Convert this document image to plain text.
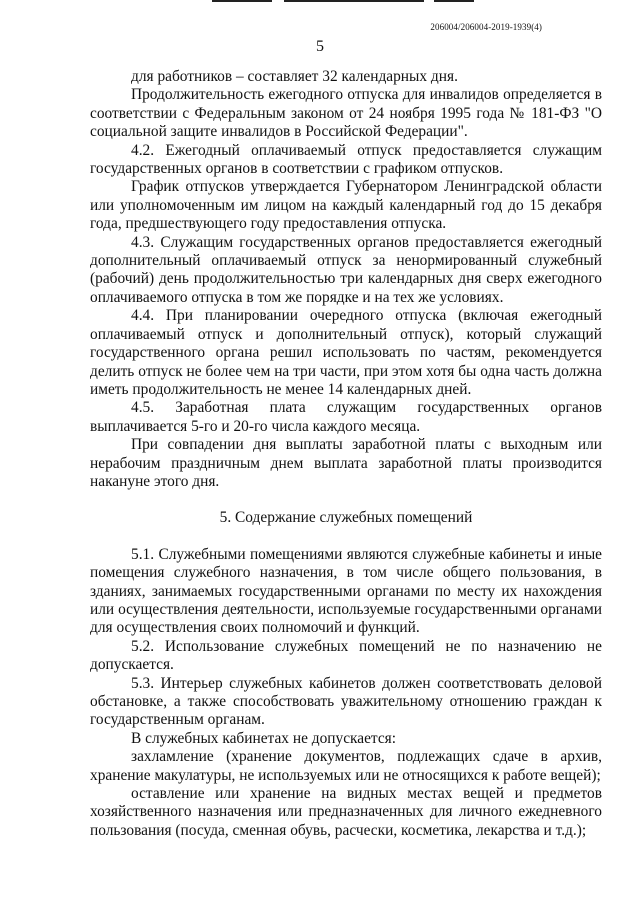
206004/206004-2019-1939(4)
5

для работников – составляет 32 календарных дня.

Продолжительность ежегодного отпуска для инвалидов определяется в соответствии с Федеральным законом от 24 ноября 1995 года № 181-ФЗ "О социальной защите инвалидов в Российской Федерации".

4.2. Ежегодный оплачиваемый отпуск предоставляется служащим государственных органов в соответствии с графиком отпусков.

График отпусков утверждается Губернатором Ленинградской области или уполномоченным им лицом на каждый календарный год до 15 декабря года, предшествующего году предоставления отпуска.

4.3. Служащим государственных органов предоставляется ежегодный дополнительный оплачиваемый отпуск за ненормированный служебный (рабочий) день продолжительностью три календарных дня сверх ежегодного оплачиваемого отпуска в том же порядке и на тех же условиях.

4.4. При планировании очередного отпуска (включая ежегодный оплачиваемый отпуск и дополнительный отпуск), который служащий государственного органа решил использовать по частям, рекомендуется делить отпуск не более чем на три части, при этом хотя бы одна часть должна иметь продолжительность не менее 14 календарных дней.

4.5. Заработная плата служащим государственных органов выплачивается 5-го и 20-го числа каждого месяца.

При совпадении дня выплаты заработной платы с выходным или нерабочим праздничным днем выплата заработной платы производится накануне этого дня.

5. Содержание служебных помещений

5.1. Служебными помещениями являются служебные кабинеты и иные помещения служебного назначения, в том числе общего пользования, в зданиях, занимаемых государственными органами по месту их нахождения или осуществления деятельности, используемые государственными органами для осуществления своих полномочий и функций.

5.2. Использование служебных помещений не по назначению не допускается.

5.3. Интерьер служебных кабинетов должен соответствовать деловой обстановке, а также способствовать уважительному отношению граждан к государственным органам.

В служебных кабинетах не допускается:

захламление (хранение документов, подлежащих сдаче в архив, хранение макулатуры, не используемых или не относящихся к работе вещей);

оставление или хранение на видных местах вещей и предметов хозяйственного назначения или предназначенных для личного ежедневного пользования (посуда, сменная обувь, расчески, косметика, лекарства и т.д.);
